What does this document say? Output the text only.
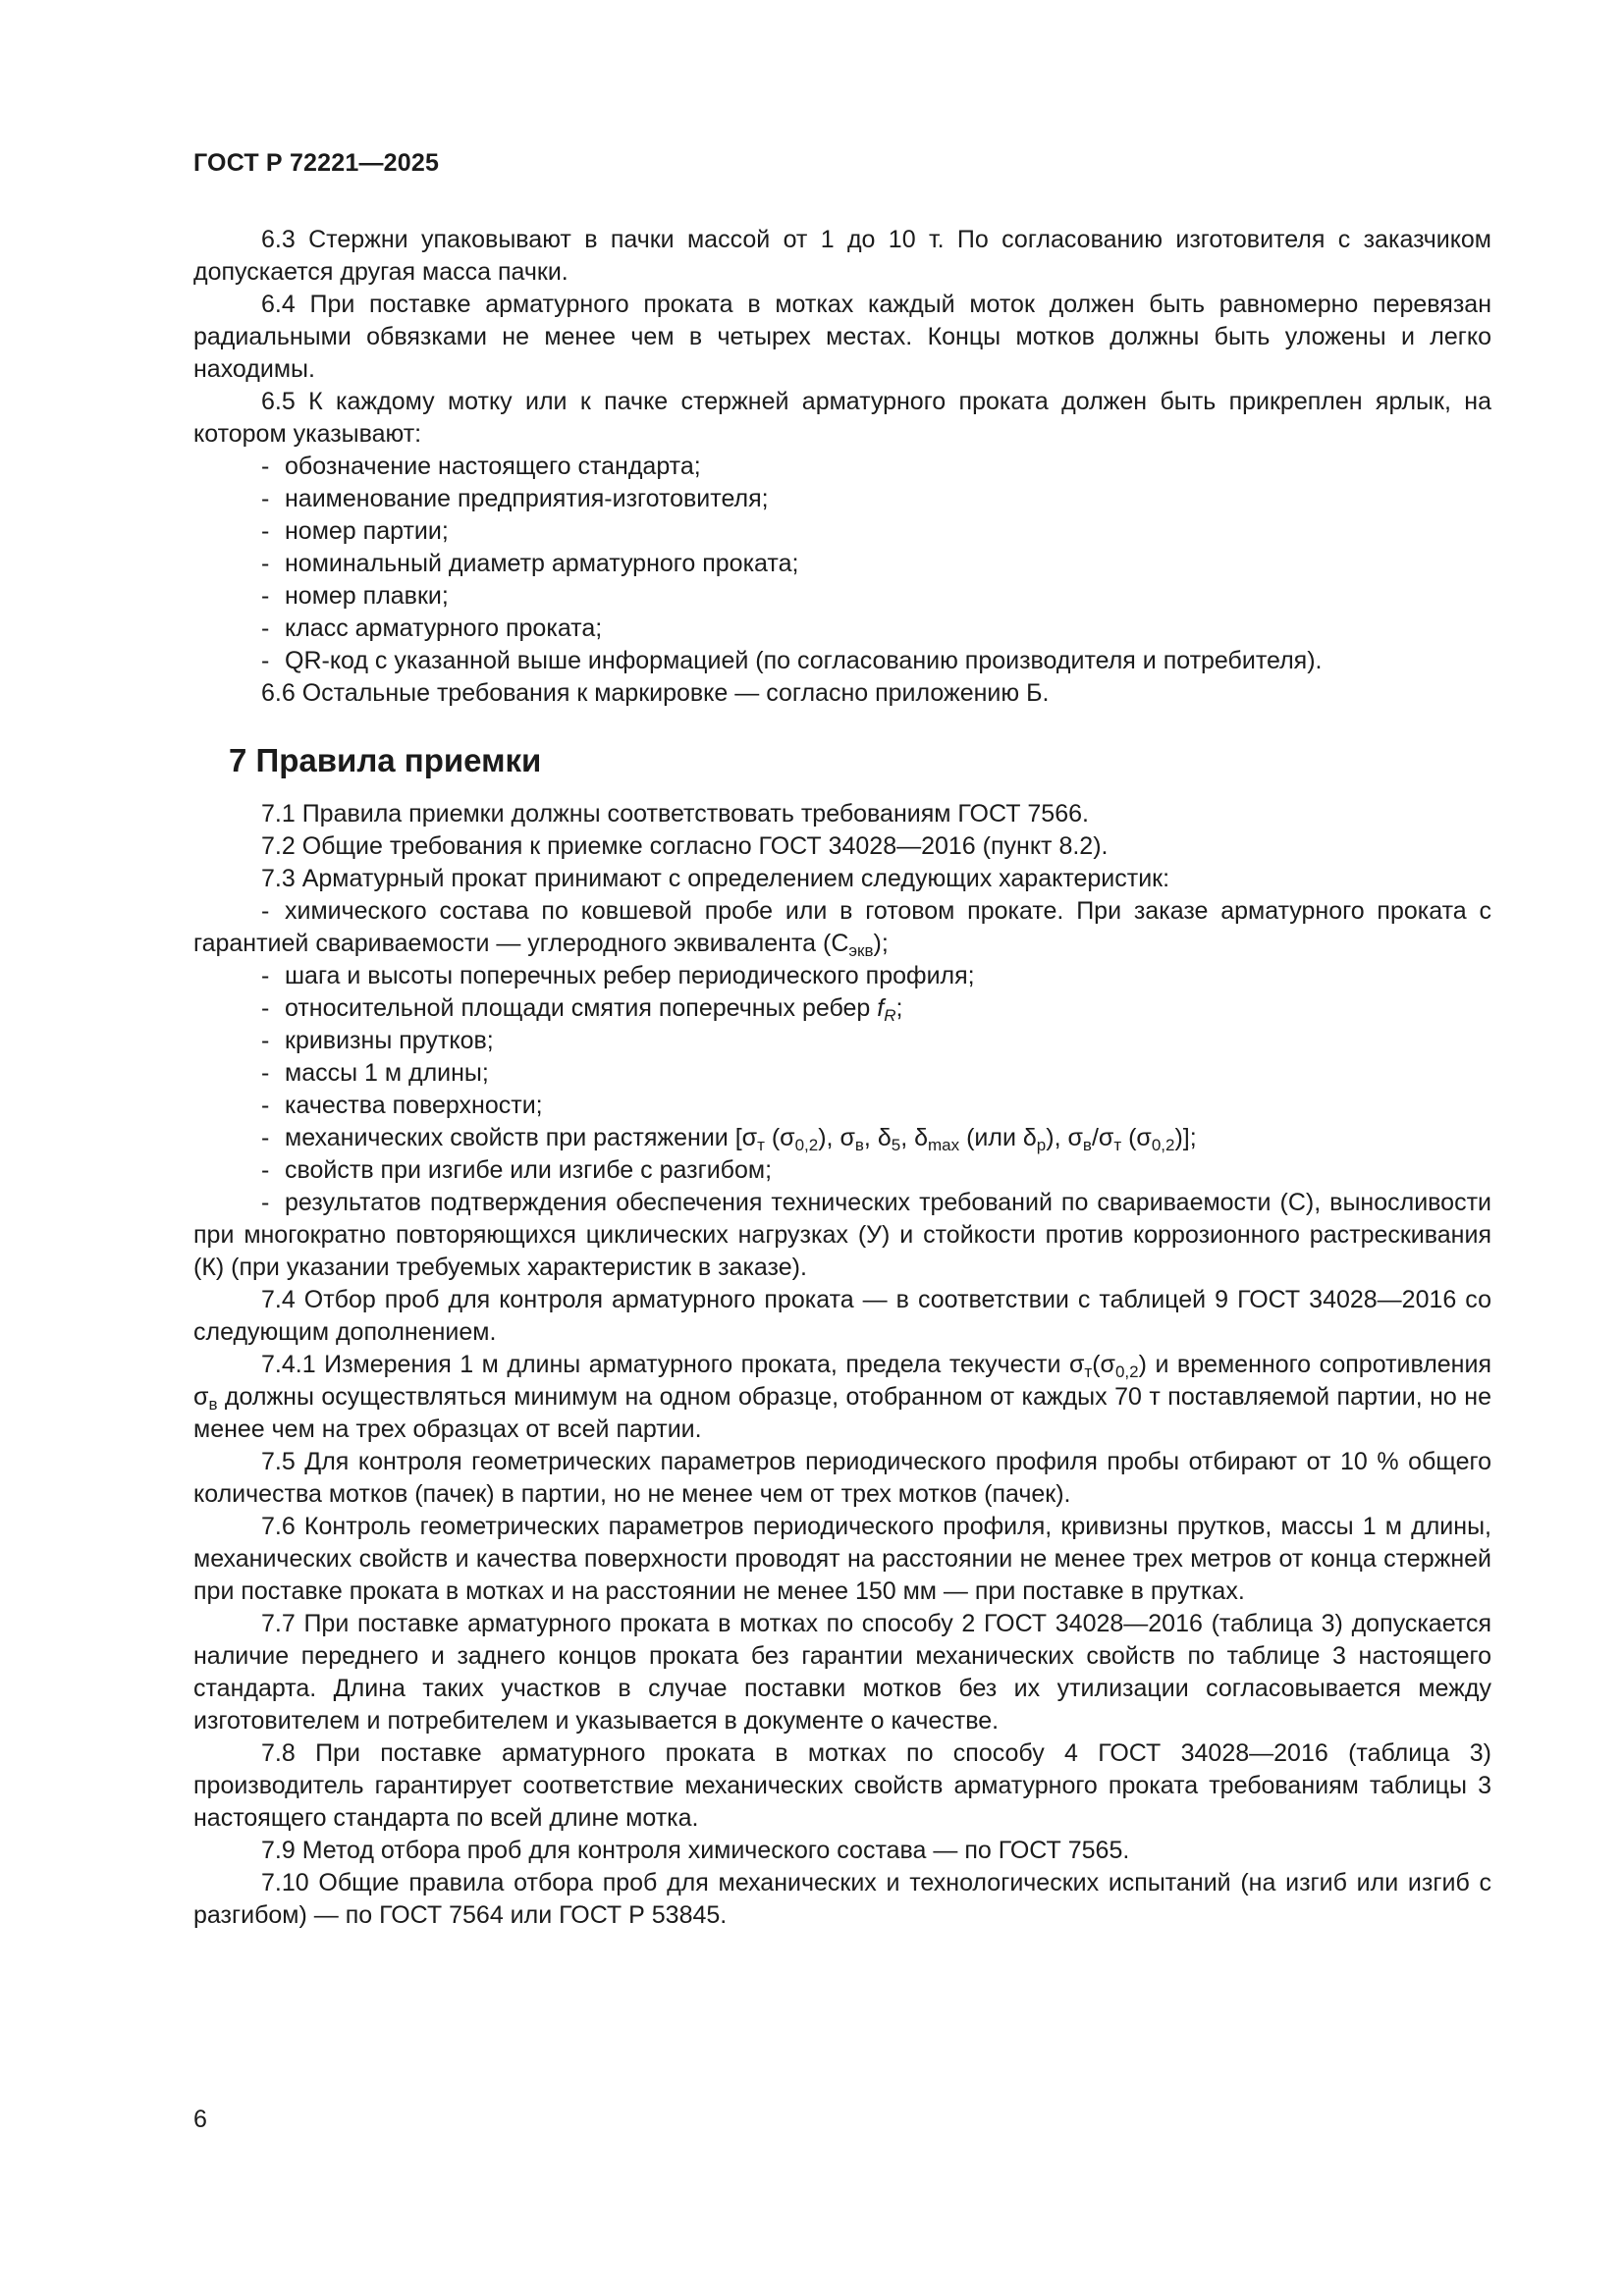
ГОСТ Р 72221—2025

6.3 Стержни упаковывают в пачки массой от 1 до 10 т. По согласованию изготовителя с заказчиком допускается другая масса пачки.

6.4 При поставке арматурного проката в мотках каждый моток должен быть равномерно перевязан радиальными обвязками не менее чем в четырех местах. Концы мотков должны быть уложены и легко находимы.

6.5 К каждому мотку или к пачке стержней арматурного проката должен быть прикреплен ярлык, на котором указывают:

- обозначение настоящего стандарта;

- наименование предприятия-изготовителя;

- номер партии;

- номинальный диаметр арматурного проката;

- номер плавки;

- класс арматурного проката;

- QR-код с указанной выше информацией (по согласованию производителя и потребителя).

6.6 Остальные требования к маркировке — согласно приложению Б.

7 Правила приемки

7.1 Правила приемки должны соответствовать требованиям ГОСТ 7566.

7.2 Общие требования к приемке согласно ГОСТ 34028—2016 (пункт 8.2).

7.3 Арматурный прокат принимают с определением следующих характеристик:

- химического состава по ковшевой пробе или в готовом прокате. При заказе арматурного проката с гарантией свариваемости — углеродного эквивалента $(С_{экв})$;

- шага и высоты поперечных ребер периодического профиля;

- относительной площади смятия поперечных ребер $f_R$;

- кривизны прутков;

- массы 1 м длины;

- качества поверхности;

- механических свойств при растяжении [$\sigma_т$ $(\sigma_{0,2})$, $\sigma_в$, $\delta_5$, $\delta_{max}$ (или $\delta_р$), $\sigma_в/\sigma_т$ $(\sigma_{0,2})$];

- свойств при изгибе или изгибе с разгибом;

- результатов подтверждения обеспечения технических требований по свариваемости (С), выносливости при многократно повторяющихся циклических нагрузках (У) и стойкости против коррозионного растрескивания (К) (при указании требуемых характеристик в заказе).

7.4 Отбор проб для контроля арматурного проката — в соответствии с таблицей 9 ГОСТ 34028—2016 со следующим дополнением.

7.4.1 Измерения 1 м длины арматурного проката, предела текучести $\sigma_т(\sigma_{0,2})$ и временного сопротивления $\sigma_в$ должны осуществляться минимум на одном образце, отобранном от каждых 70 т поставляемой партии, но не менее чем на трех образцах от всей партии.

7.5 Для контроля геометрических параметров периодического профиля пробы отбирают от 10 % общего количества мотков (пачек) в партии, но не менее чем от трех мотков (пачек).

7.6 Контроль геометрических параметров периодического профиля, кривизны прутков, массы 1 м длины, механических свойств и качества поверхности проводят на расстоянии не менее трех метров от конца стержней при поставке проката в мотках и на расстоянии не менее 150 мм — при поставке в прутках.

7.7 При поставке арматурного проката в мотках по способу 2 ГОСТ 34028—2016 (таблица 3) допускается наличие переднего и заднего концов проката без гарантии механических свойств по таблице 3 настоящего стандарта. Длина таких участков в случае поставки мотков без их утилизации согласовывается между изготовителем и потребителем и указывается в документе о качестве.

7.8 При поставке арматурного проката в мотках по способу 4 ГОСТ 34028—2016 (таблица 3) производитель гарантирует соответствие механических свойств арматурного проката требованиям таблицы 3 настоящего стандарта по всей длине мотка.

7.9 Метод отбора проб для контроля химического состава — по ГОСТ 7565.

7.10 Общие правила отбора проб для механических и технологических испытаний (на изгиб или изгиб с разгибом) — по ГОСТ 7564 или ГОСТ Р 53845.

6
